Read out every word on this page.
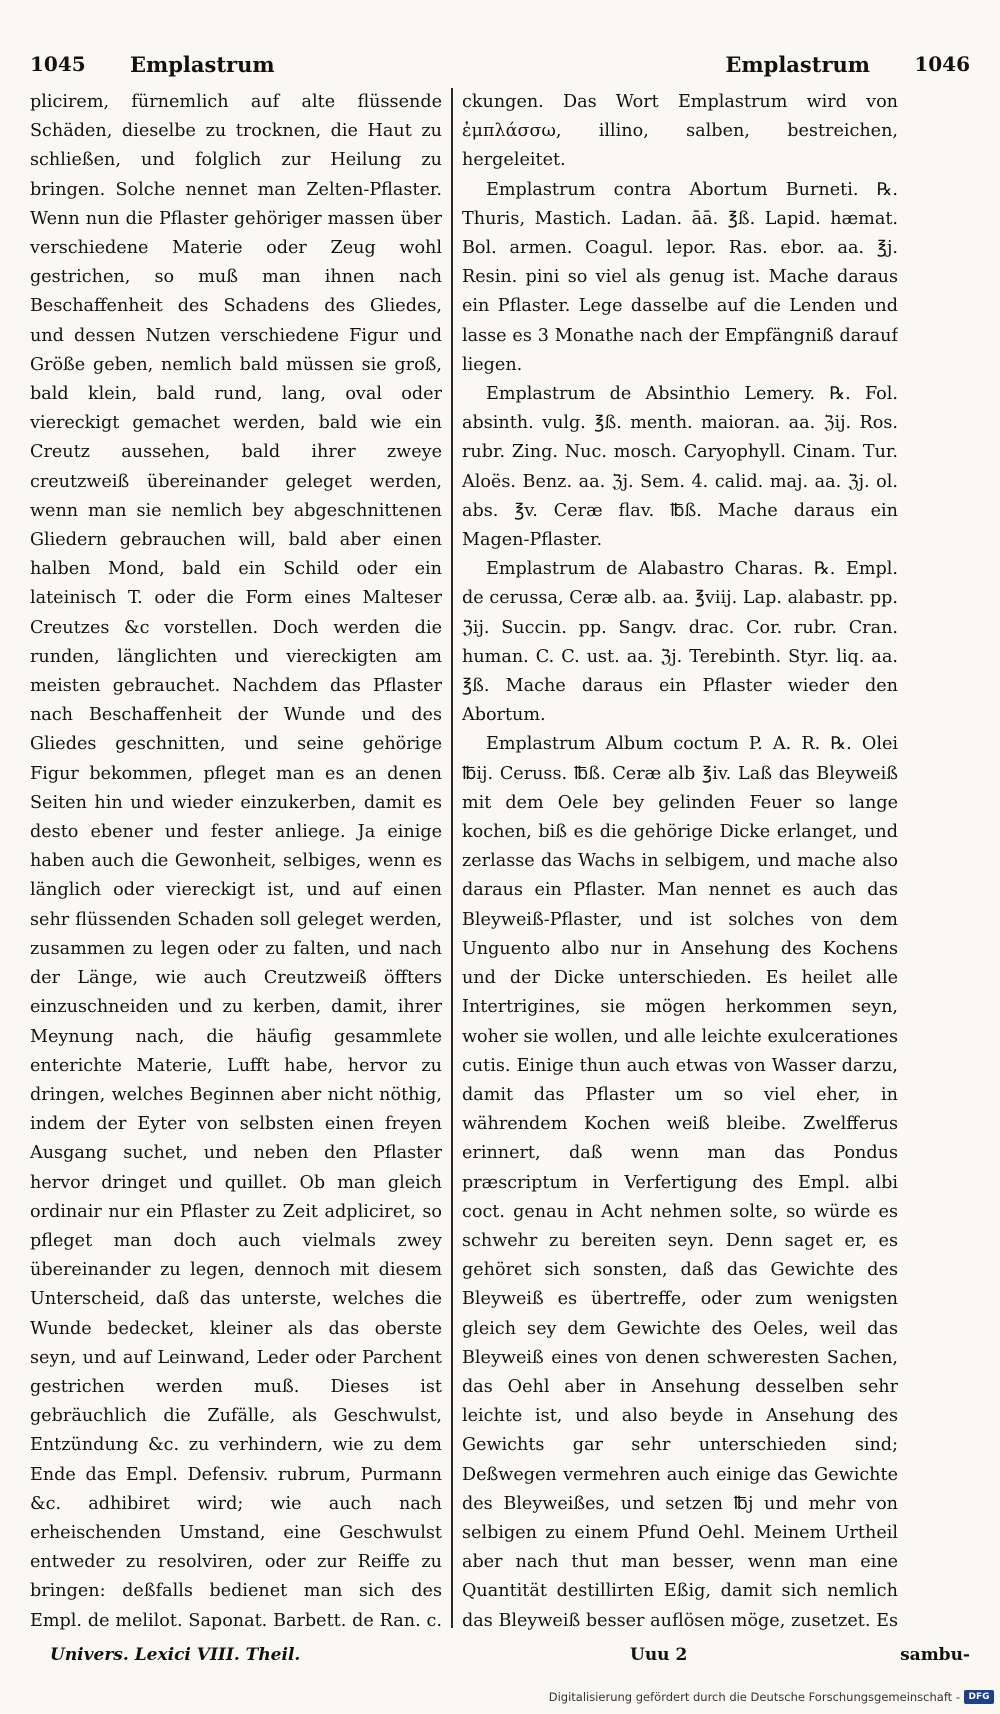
1045 Emplastrum	Emplastrum 1046

plicirem, fürnemlich auf alte flüssende Schäden, dieselbe zu trocknen, die Haut zu schließen, und folglich zur Heilung zu bringen. Solche nennet man Zelten-Pflaster. Wenn nun die Pflaster gehöriger massen über verschiedene Materie oder Zeug wohl gestrichen, so muß man ihnen nach Beschaffenheit des Schadens des Gliedes, und dessen Nutzen verschiedene Figur und Größe geben, nemlich bald müssen sie groß, bald klein, bald rund, lang, oval oder viereckigt gemachet werden, bald wie ein Creutz aussehen, bald ihrer zweye creutzweiß übereinander geleget werden, wenn man sie nemlich bey abgeschnittenen Gliedern gebrauchen will, bald aber einen halben Mond, bald ein Schild oder ein lateinisch T. oder die Form eines Malteser Creutzes &c vorstellen. Doch werden die runden, länglichten und viereckigten am meisten gebrauchet. Nachdem das Pflaster nach Beschaffenheit der Wunde und des Gliedes geschnitten, und seine gehörige Figur bekommen, pfleget man es an denen Seiten hin und wieder einzukerben, damit es desto ebener und fester anliege. Ja einige haben auch die Gewonheit, selbiges, wenn es länglich oder viereckigt ist, und auf einen sehr flüssenden Schaden soll geleget werden, zusammen zu legen oder zu falten, und nach der Länge, wie auch Creutzweiß öffters einzuschneiden und zu kerben, damit, ihrer Meynung nach, die häufig gesammlete enterichte Materie, Lufft habe, hervor zu dringen, welches Beginnen aber nicht nöthig, indem der Eyter von selbsten einen freyen Ausgang suchet, und neben den Pflaster hervor dringet und quillet. Ob man gleich ordinair nur ein Pflaster zu Zeit adpliciret, so pfleget man doch auch vielmals zwey übereinander zu legen, dennoch mit diesem Unterscheid, daß das unterste, welches die Wunde bedecket, kleiner als das oberste seyn, und auf Leinwand, Leder oder Parchent gestrichen werden muß. Dieses ist gebräuchlich die Zufälle, als Geschwulst, Entzündung &c. zu verhindern, wie zu dem Ende das Empl. Defensiv. rubrum, Purmann &c. adhibiret wird; wie auch nach erheischenden Umstand, eine Geschwulst entweder zu resolviren, oder zur Reiffe zu bringen: deßfalls bedienet man sich des Empl. de melilot. Saponat. Barbett. de Ran. c.

ckungen. Das Wort Emplastrum wird von ἐμπλάσσω, illino, salben, bestreichen, hergeleitet.

Emplastrum contra Abortum Burneti. ℞. Thuris, Mastich. Ladan. āā. ℥ß. Lapid. hæmat. Bol. armen. Coagul. lepor. Ras. ebor. aa. ℥j. Resin. pini so viel als genug ist. Mache daraus ein Pflaster. Lege dasselbe auf die Lenden und lasse es 3 Monathe nach der Empfängniß darauf liegen.

Emplastrum de Absinthio Lemery. ℞. Fol. absinth. vulg. ℥ß. menth. maioran. aa. ℨij. Ros. rubr. Zing. Nuc. mosch. Caryophyll. Cinam. Tur. Aloës. Benz. aa. ℨj. Sem. 4. calid. maj. aa. ℨj. ol. abs. ℥v. Ceræ flav. ℔ß. Mache daraus ein Magen-Pflaster.

Emplastrum de Alabastro Charas. ℞. Empl. de cerussa, Ceræ alb. aa. ℥viij. Lap. alabastr. pp. ℨij. Succin. pp. Sangv. drac. Cor. rubr. Cran. human. C. C. ust. aa. ℨj. Terebinth. Styr. liq. aa. ℥ß. Mache daraus ein Pflaster wieder den Abortum.

Emplastrum Album coctum P. A. R. ℞. Olei ℔ij. Ceruss. ℔ß. Ceræ alb ℥iv. Laß das Bleyweiß mit dem Oele bey gelinden Feuer so lange kochen, biß es die gehörige Dicke erlanget, und zerlasse das Wachs in selbigem, und mache also daraus ein Pflaster. Man nennet es auch das Bleyweiß-Pflaster, und ist solches von dem Unguento albo nur in Ansehung des Kochens und der Dicke unterschieden. Es heilet alle Intertrigines, sie mögen herkommen seyn, woher sie wollen, und alle leichte exulcerationes cutis. Einige thun auch etwas von Wasser darzu, damit das Pflaster um so viel eher, in währendem Kochen weiß bleibe. Zwelfferus erinnert, daß wenn man das Pondus præscriptum in Verfertigung des Empl. albi coct. genau in Acht nehmen solte, so würde es schwehr zu bereiten seyn. Denn saget er, es gehöret sich sonsten, daß das Gewichte des Bleyweiß es übertreffe, oder zum wenigsten gleich sey dem Gewichte des Oeles, weil das Bleyweiß eines von denen schweresten Sachen, das Oehl aber in Ansehung desselben sehr leichte ist, und also beyde in Ansehung des Gewichts gar sehr unterschieden sind; Deßwegen vermehren auch einige das Gewichte des Bleyweißes, und setzen ℔j und mehr von selbigen zu einem Pfund Oehl. Meinem Urtheil aber nach thut man besser, wenn man eine Quantität destillirten Eßig, damit sich nemlich das Bleyweiß besser auflösen möge, zusetzet. Es

Univers. Lexici VIII. Theil.	Uuu 2	sambu-
Digitalisierung gefördert durch die Deutsche Forschungsgemeinschaft - DFG
